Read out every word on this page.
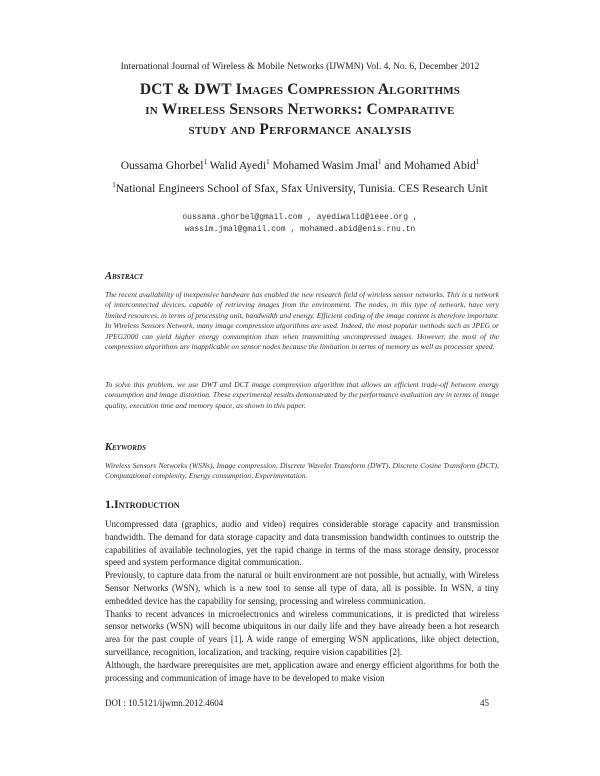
International Journal of Wireless & Mobile Networks (IJWMN) Vol. 4, No. 6, December 2012
DCT & DWT Images Compression Algorithms
in Wireless Sensors Networks: Comparative
study and Performance analysis
Oussama Ghorbel$^1$ Walid Ayedi$^1$ Mohamed Wasim Jmal$^1$ and Mohamed Abid$^1$
$^1$National Engineers School of Sfax, Sfax University, Tunisia. CES Research Unit
oussama.ghorbel@gmail.com , ayediwalid@ieee.org ,
wassim.jmal@gmail.com , mohamed.abid@enis.rnu.tn
Abstract
The recent availability of inexpensive hardware has enabled the new research field of wireless sensor networks. This is a network of interconnected devices, capable of retrieving images from the environment. The nodes, in this type of network, have very limited resources, in terms of processing unit, bandwidth and energy. Efficient coding of the image content is therefore important. In Wireless Sensors Network, many image compression algorithms are used. Indeed, the most popular methods such as JPEG or JPEG2000 can yield higher energy consumption than when transmitting uncompressed images. However, the most of the compression algorithms are inapplicable on sensor nodes because the limitation in terms of memory as well as processor speed.
To solve this problem, we use DWT and DCT image compression algorithm that allows an efficient trade-off between energy consumption and image distortion. These experimental results demonstrated by the performance evaluation are in terms of image quality, execution time and memory space, as shown in this paper.
Keywords
Wireless Sensors Networks (WSNs), Image compression, Discrete Wavelet Transform (DWT), Discrete Cosine Transform (DCT), Computational complexity, Energy consumption, Experimentation.
1.Introduction

Uncompressed data (graphics, audio and video) requires considerable storage capacity and transmission bandwidth. The demand for data storage capacity and data transmission bandwidth continues to outstrip the capabilities of available technologies, yet the rapid change in terms of the mass storage density, processor speed and system performance digital communication.

Previously, to capture data from the natural or built environment are not possible, but actually, with Wireless Sensor Networks (WSN), which is a new tool to sense all type of data, all is possible. In WSN, a tiny embedded device has the capability for sensing, processing and wireless communication.

Thanks to recent advances in microelectronics and wireless communications, it is predicted that wireless sensor networks (WSN) will become ubiquitous in our daily life and they have already been a hot research area for the past couple of years [1]. A wide range of emerging WSN applications, like object detection, surveillance, recognition, localization, and tracking, require vision capabilities [2].

Although, the hardware prerequisites are met, application aware and energy efficient algorithms for both the processing and communication of image have to be developed to make vision

DOI : 10.5121/ijwmn.2012.4604	45
